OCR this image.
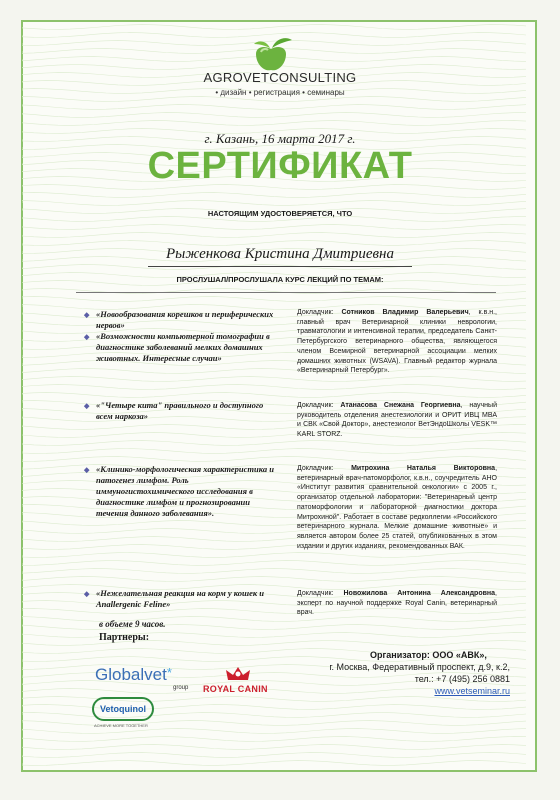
AGROVETCONSULTING
• дизайн • регистрация • семинары
г. Казань, 16 марта 2017 г.
СЕРТИФИКАТ
НАСТОЯЩИМ УДОСТОВЕРЯЕТСЯ, ЧТО
Рыженкова Кристина Дмитриевна
ПРОСЛУШАЛ/ПРОСЛУШАЛА КУРС ЛЕКЦИЙ ПО ТЕМАМ:
◆ «Новообразования корешков и периферических нервов»
◆ «Возможности компьютерной томографии в диагностике заболеваний мелких домашних животных. Интересные случаи»
◆ «"Четыре кита" правильного и доступного всем наркоза»
◆ «Клинико-морфологическая характеристика и патогенез лимфом. Роль иммуногистохимического исследования в диагностике лимфом и прогнозировании течения данного заболевания».
◆ «Нежелательная реакция на корм у кошек и Anallergenic Feline»
Докладчик: Сотников Владимир Валерьевич, к.в.н., главный врач Ветеринарной клиники неврологии, травматологии и интенсивной терапии, председатель Санкт-Петербургского ветеринарного общества, являющегося членом Всемирной ветеринарной ассоциации мелких домашних животных (WSAVA). Главный редактор журнала «Ветеринарный Петербург».
Докладчик: Атанасова Снежана Георгиевна, научный руководитель отделения анестезиологии и ОРИТ ИВЦ МВА и СВК «Свой Доктор», анестезиолог ВетЭндоШколы VESK™ KARL STORZ.
Докладчик:	Митрохина Наталья Викторовна, ветеринарный врач-патоморфолог, к.в.н., соучредитель АНО «Институт развития сравнительной онкологии» с 2005 г., организатор отдельной лаборатории: "Ветеринарный центр патоморфологии и лабораторной диагностики доктора Митрохиной". Работает в составе редколлегии «Российского ветеринарного журнала. Мелкие домашние животные» и является автором более 25 статей, опубликованных в этом издании и других изданиях, рекомендованных ВАК.
Докладчик: Новожилова Антонина Александровна, эксперт по научной поддержке Royal Canin, ветеринарный врач.
в объеме 9 часов.
Партнеры:
Globalvet*
group ROYAL CANIN
Vetoquinol
ACHIEVE MORE TOGETHER
Организатор: ООО «АВК»,
г. Москва, Федеративный проспект, д.9, к.2,
тел.: +7 (495) 256 0881
www.vetseminar.ru
